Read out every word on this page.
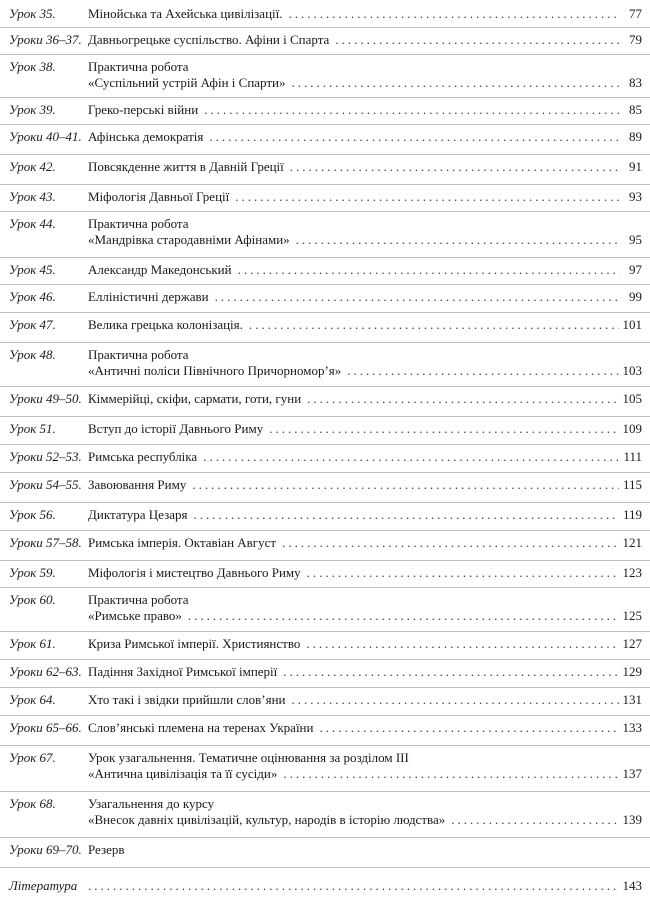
Урок 35. Мінойська та Ахейська цивілізації. .....	77
Уроки 36–37. Давньогрецьке суспільство. Афіни і Спарта .....	79
Урок 38. Практична робота
«Суспільний устрій Афін і Спарти» .....	83
Урок 39. Греко-перські війни .....	85
Уроки 40–41. Афінська демократія .....	89
Урок 42. Повсякденне життя в Давній Греції .....	91
Урок 43. Міфологія Давньої Греції .....	93
Урок 44. Практична робота
«Мандрівка стародавніми Афінами» .....	95
Урок 45. Александр Македонський .....	97
Урок 46. Елліністичні держави .....	99
Урок 47. Велика грецька колонізація. .....	101
Урок 48. Практична робота
«Античні поліси Північного Причорномор’я» .....	103
Уроки 49–50. Кіммерійці, скіфи, сармати, готи, гуни .....	105
Урок 51. Вступ до історії Давнього Риму .....	109
Уроки 52–53. Римська республіка .....	111
Уроки 54–55. Завоювання Риму .....	115
Урок 56. Диктатура Цезаря .....	119
Уроки 57–58. Римська імперія. Октавіан Август .....	121
Урок 59. Міфологія і мистецтво Давнього Риму .....	123
Урок 60. Практична робота
«Римське право» .....	125
Урок 61. Криза Римської імперії. Християнство .....	127
Уроки 62–63. Падіння Західної Римської імперії .....	129
Урок 64. Хто такі і звідки прийшли слов’яни .....	131
Уроки 65–66. Слов’янські племена на теренах України .....	133
Урок 67. Урок узагальнення. Тематичне оцінювання за розділом ІІІ
«Антична цивілізація та її сусіди» .....	137
Урок 68. Узагальнення до курсу
«Внесок давніх цивілізацій, культур, народів в історію людства» .....	139
Уроки 69–70. Резерв
Література .....	143
